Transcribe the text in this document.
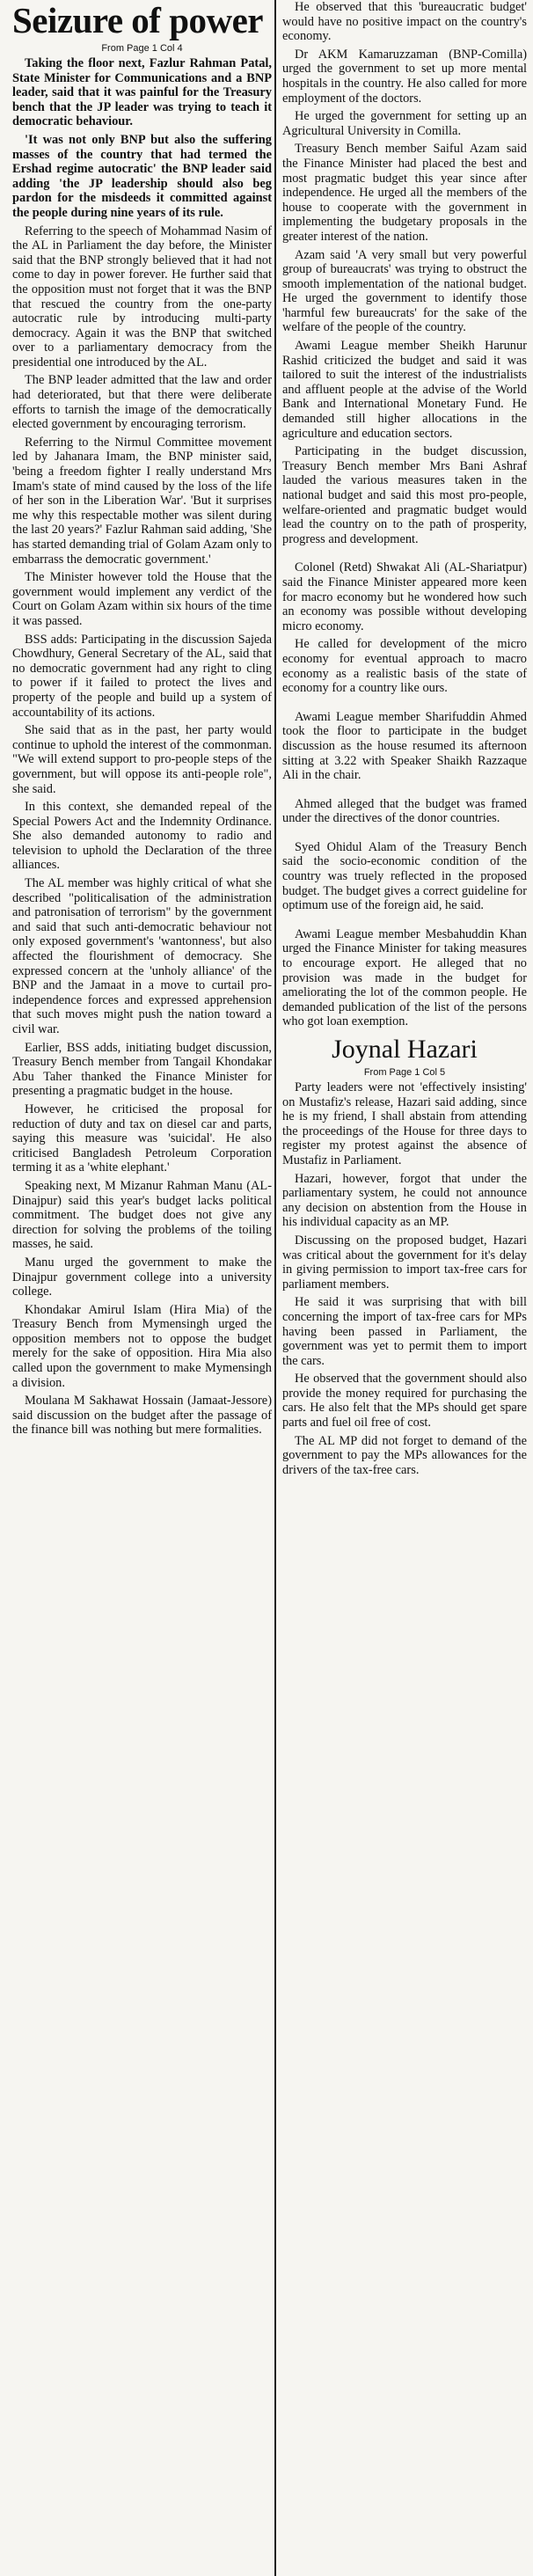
Seizure of power
From Page 1 Col 4

Taking the floor next, Fazlur Rahman Patal, State Minister for Communications and a BNP leader, said that it was painful for the Treasury bench that the JP leader was trying to teach it democratic behaviour.

'It was not only BNP but also the suffering masses of the country that had termed the Ershad regime autocratic' the BNP leader said adding 'the JP leadership should also beg pardon for the misdeeds it committed against the people during nine years of its rule.

Referring to the speech of Mohammad Nasim of the AL in Parliament the day before, the Minister said that the BNP strongly believed that it had not come to day in power forever. He further said that the opposition must not forget that it was the BNP that rescued the country from the one-party autocratic rule by introducing multi-party democracy. Again it was the BNP that switched over to a parliamentary democracy from the presidential one introduced by the AL.

The BNP leader admitted that the law and order had deteriorated, but that there were deliberate efforts to tarnish the image of the democratically elected government by encouraging terrorism.

Referring to the Nirmul Committee movement led by Jahanara Imam, the BNP minister said, 'being a freedom fighter I really understand Mrs Imam's state of mind caused by the loss of the life of her son in the Liberation War'. 'But it surprises me why this respectable mother was silent during the last 20 years?' Fazlur Rahman said adding, 'She has started demanding trial of Golam Azam only to embarrass the democratic government.'

The Minister however told the House that the government would implement any verdict of the Court on Golam Azam within six hours of the time it was passed.

BSS adds: Participating in the discussion Sajeda Chowdhury, General Secretary of the AL, said that no democratic government had any right to cling to power if it failed to protect the lives and property of the people and build up a system of accountability of its actions.

She said that as in the past, her party would continue to uphold the interest of the commonman. "We will extend support to pro-people steps of the government, but will oppose its anti-people role", she said.

In this context, she demanded repeal of the Special Powers Act and the Indemnity Ordinance. She also demanded autonomy to radio and television to uphold the Declaration of the three alliances.

The AL member was highly critical of what she described "politicalisation of the administration and patronisation of terrorism" by the government and said that such anti-democratic behaviour not only exposed government's 'wantonness', but also affected the flourishment of democracy. She expressed concern at the 'unholy alliance' of the BNP and the Jamaat in a move to curtail pro-independence forces and expressed apprehension that such moves might push the nation toward a civil war.

Earlier, BSS adds, initiating budget discussion, Treasury Bench member from Tangail Khondakar Abu Taher thanked the Finance Minister for presenting a pragmatic budget in the house.

However, he criticised the proposal for reduction of duty and tax on diesel car and parts, saying this measure was 'suicidal'. He also criticised Bangladesh Petroleum Corporation terming it as a 'white elephant.'

Speaking next, M Mizanur Rahman Manu (AL-Dinajpur) said this year's budget lacks political commitment. The budget does not give any direction for solving the problems of the toiling masses, he said.

Manu urged the government to make the Dinajpur government college into a university college.

Khondakar Amirul Islam (Hira Mia) of the Treasury Bench from Mymensingh urged the opposition members not to oppose the budget merely for the sake of opposition. Hira Mia also called upon the government to make Mymensingh a division.

Moulana M Sakhawat Hossain (Jamaat-Jessore) said discussion on the budget after the passage of the finance bill was nothing but mere formalities.

He observed that this 'bureaucratic budget' would have no positive impact on the country's economy.

Dr AKM Kamaruzzaman (BNP-Comilla) urged the government to set up more mental hospitals in the country. He also called for more employment of the doctors.

He urged the government for setting up an Agricultural University in Comilla.

Treasury Bench member Saiful Azam said the Finance Minister had placed the best and most pragmatic budget this year since after independence. He urged all the members of the house to cooperate with the government in implementing the budgetary proposals in the greater interest of the nation.

Azam said 'A very small but very powerful group of bureaucrats' was trying to obstruct the smooth implementation of the national budget. He urged the government to identify those 'harmful few bureaucrats' for the sake of the welfare of the people of the country.

Awami League member Sheikh Harunur Rashid criticized the budget and said it was tailored to suit the interest of the industrialists and affluent people at the advise of the World Bank and International Monetary Fund. He demanded still higher allocations in the agriculture and education sectors.

Participating in the budget discussion, Treasury Bench member Mrs Bani Ashraf lauded the various measures taken in the national budget and said this most pro-people, welfare-oriented and pragmatic budget would lead the country on to the path of prosperity, progress and development.

Colonel (Retd) Shwakat Ali (AL-Shariatpur) said the Finance Minister appeared more keen for macro economy but he wondered how such an economy was possible without developing micro economy.

He called for development of the micro economy for eventual approach to macro economy as a realistic basis of the state of economy for a country like ours.

Awami League member Sharifuddin Ahmed took the floor to participate in the budget discussion as the house resumed its afternoon sitting at 3.22 with Speaker Shaikh Razzaque Ali in the chair.

Ahmed alleged that the budget was framed under the directives of the donor countries.

Syed Ohidul Alam of the Treasury Bench said the socio-economic condition of the country was truely reflected in the proposed budget. The budget gives a correct guideline for optimum use of the foreign aid, he said.

Awami League member Mesbahuddin Khan urged the Finance Minister for taking measures to encourage export. He alleged that no provision was made in the budget for ameliorating the lot of the common people. He demanded publication of the list of the persons who got loan exemption.

Joynal Hazari
From Page 1 Col 5

Party leaders were not 'effectively insisting' on Mustafiz's release, Hazari said adding, since he is my friend, I shall abstain from attending the proceedings of the House for three days to register my protest against the absence of Mustafiz in Parliament.

Hazari, however, forgot that under the parliamentary system, he could not announce any decision on abstention from the House in his individual capacity as an MP.

Discussing on the proposed budget, Hazari was critical about the government for it's delay in giving permission to import tax-free cars for parliament members.

He said it was surprising that with bill concerning the import of tax-free cars for MPs having been passed in Parliament, the government was yet to permit them to import the cars.

He observed that the government should also provide the money required for purchasing the cars. He also felt that the MPs should get spare parts and fuel oil free of cost.

The AL MP did not forget to demand of the government to pay the MPs allowances for the drivers of the tax-free cars.
